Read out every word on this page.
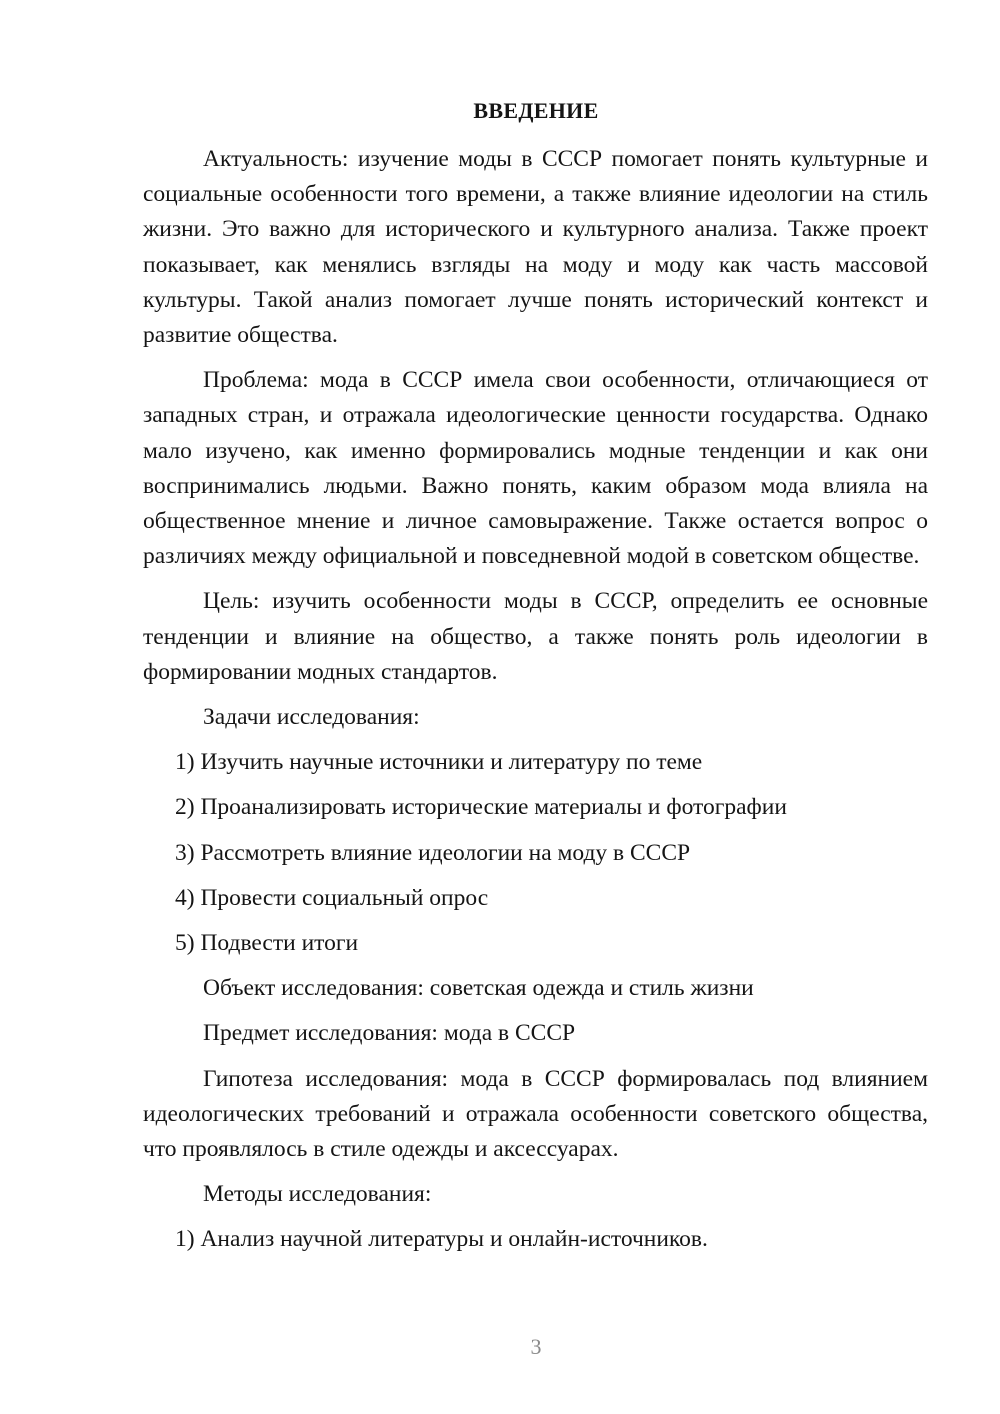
ВВЕДЕНИЕ

Актуальность: изучение моды в СССР помогает понять культурные и социальные особенности того времени, а также влияние идеологии на стиль жизни. Это важно для исторического и культурного анализа. Также проект показывает, как менялись взгляды на моду и моду как часть массовой культуры. Такой анализ помогает лучше понять исторический контекст и развитие общества.

Проблема: мода в СССР имела свои особенности, отличающиеся от западных стран, и отражала идеологические ценности государства. Однако мало изучено, как именно формировались модные тенденции и как они воспринимались людьми. Важно понять, каким образом мода влияла на общественное мнение и личное самовыражение. Также остается вопрос о различиях между официальной и повседневной модой в советском обществе.

Цель: изучить особенности моды в СССР, определить ее основные тенденции и влияние на общество, а также понять роль идеологии в формировании модных стандартов.

Задачи исследования:

1) Изучить научные источники и литературу по теме

2) Проанализировать исторические материалы и фотографии

3) Рассмотреть влияние идеологии на моду в СССР

4) Провести социальный опрос

5) Подвести итоги

Объект исследования: советская одежда и стиль жизни

Предмет исследования: мода в СССР

Гипотеза исследования: мода в СССР формировалась под влиянием идеологических требований и отражала особенности советского общества, что проявлялось в стиле одежды и аксессуарах.

Методы исследования:

1) Анализ научной литературы и онлайн-источников.

3
